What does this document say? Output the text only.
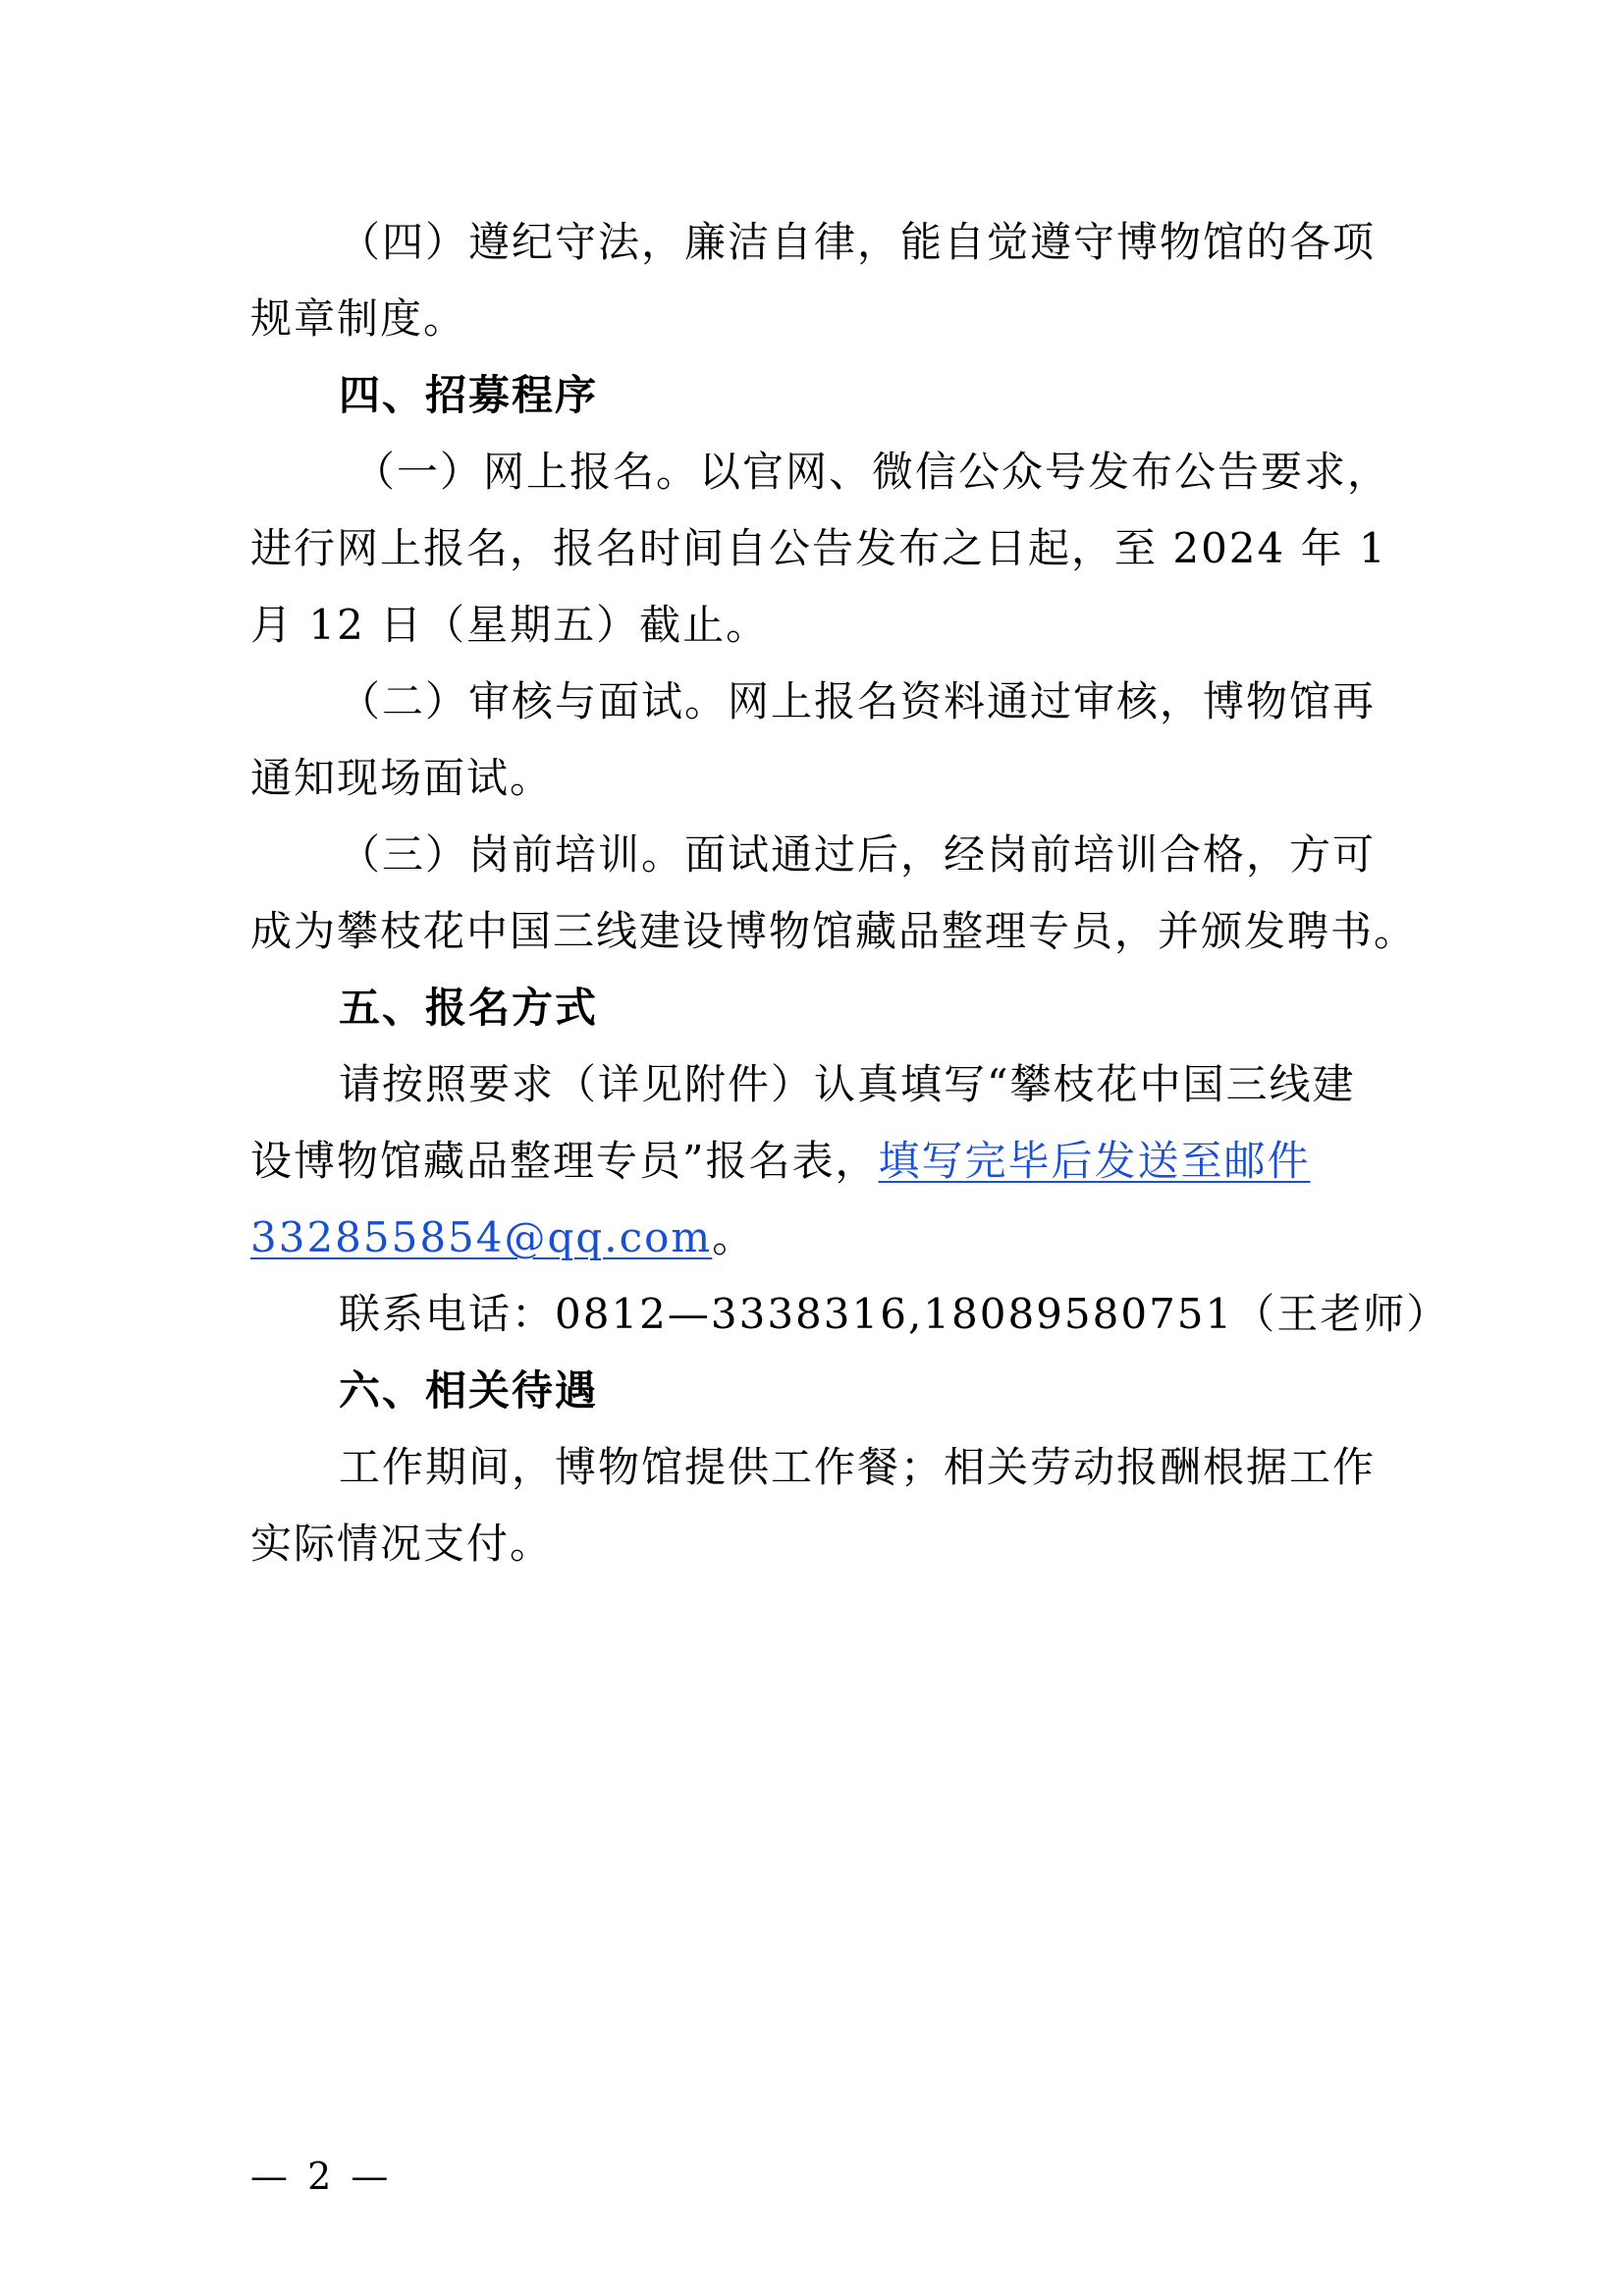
（四）遵纪守法，廉洁自律，能自觉遵守博物馆的各项
规章制度。
四、招募程序
（一）网上报名。以官网、微信公众号发布公告要求，
进行网上报名，报名时间自公告发布之日起，至 2024 年 1
月 12 日（星期五）截止。
（二）审核与面试。网上报名资料通过审核，博物馆再
通知现场面试。
（三）岗前培训。面试通过后，经岗前培训合格，方可
成为攀枝花中国三线建设博物馆藏品整理专员，并颁发聘书。
五、报名方式
请按照要求（详见附件）认真填写“攀枝花中国三线建
设博物馆藏品整理专员”报名表，填写完毕后发送至邮件
332855854@qq.com。
联系电话：0812—3338316,18089580751（王老师）
六、相关待遇
工作期间，博物馆提供工作餐；相关劳动报酬根据工作
实际情况支付。
— 2 —
